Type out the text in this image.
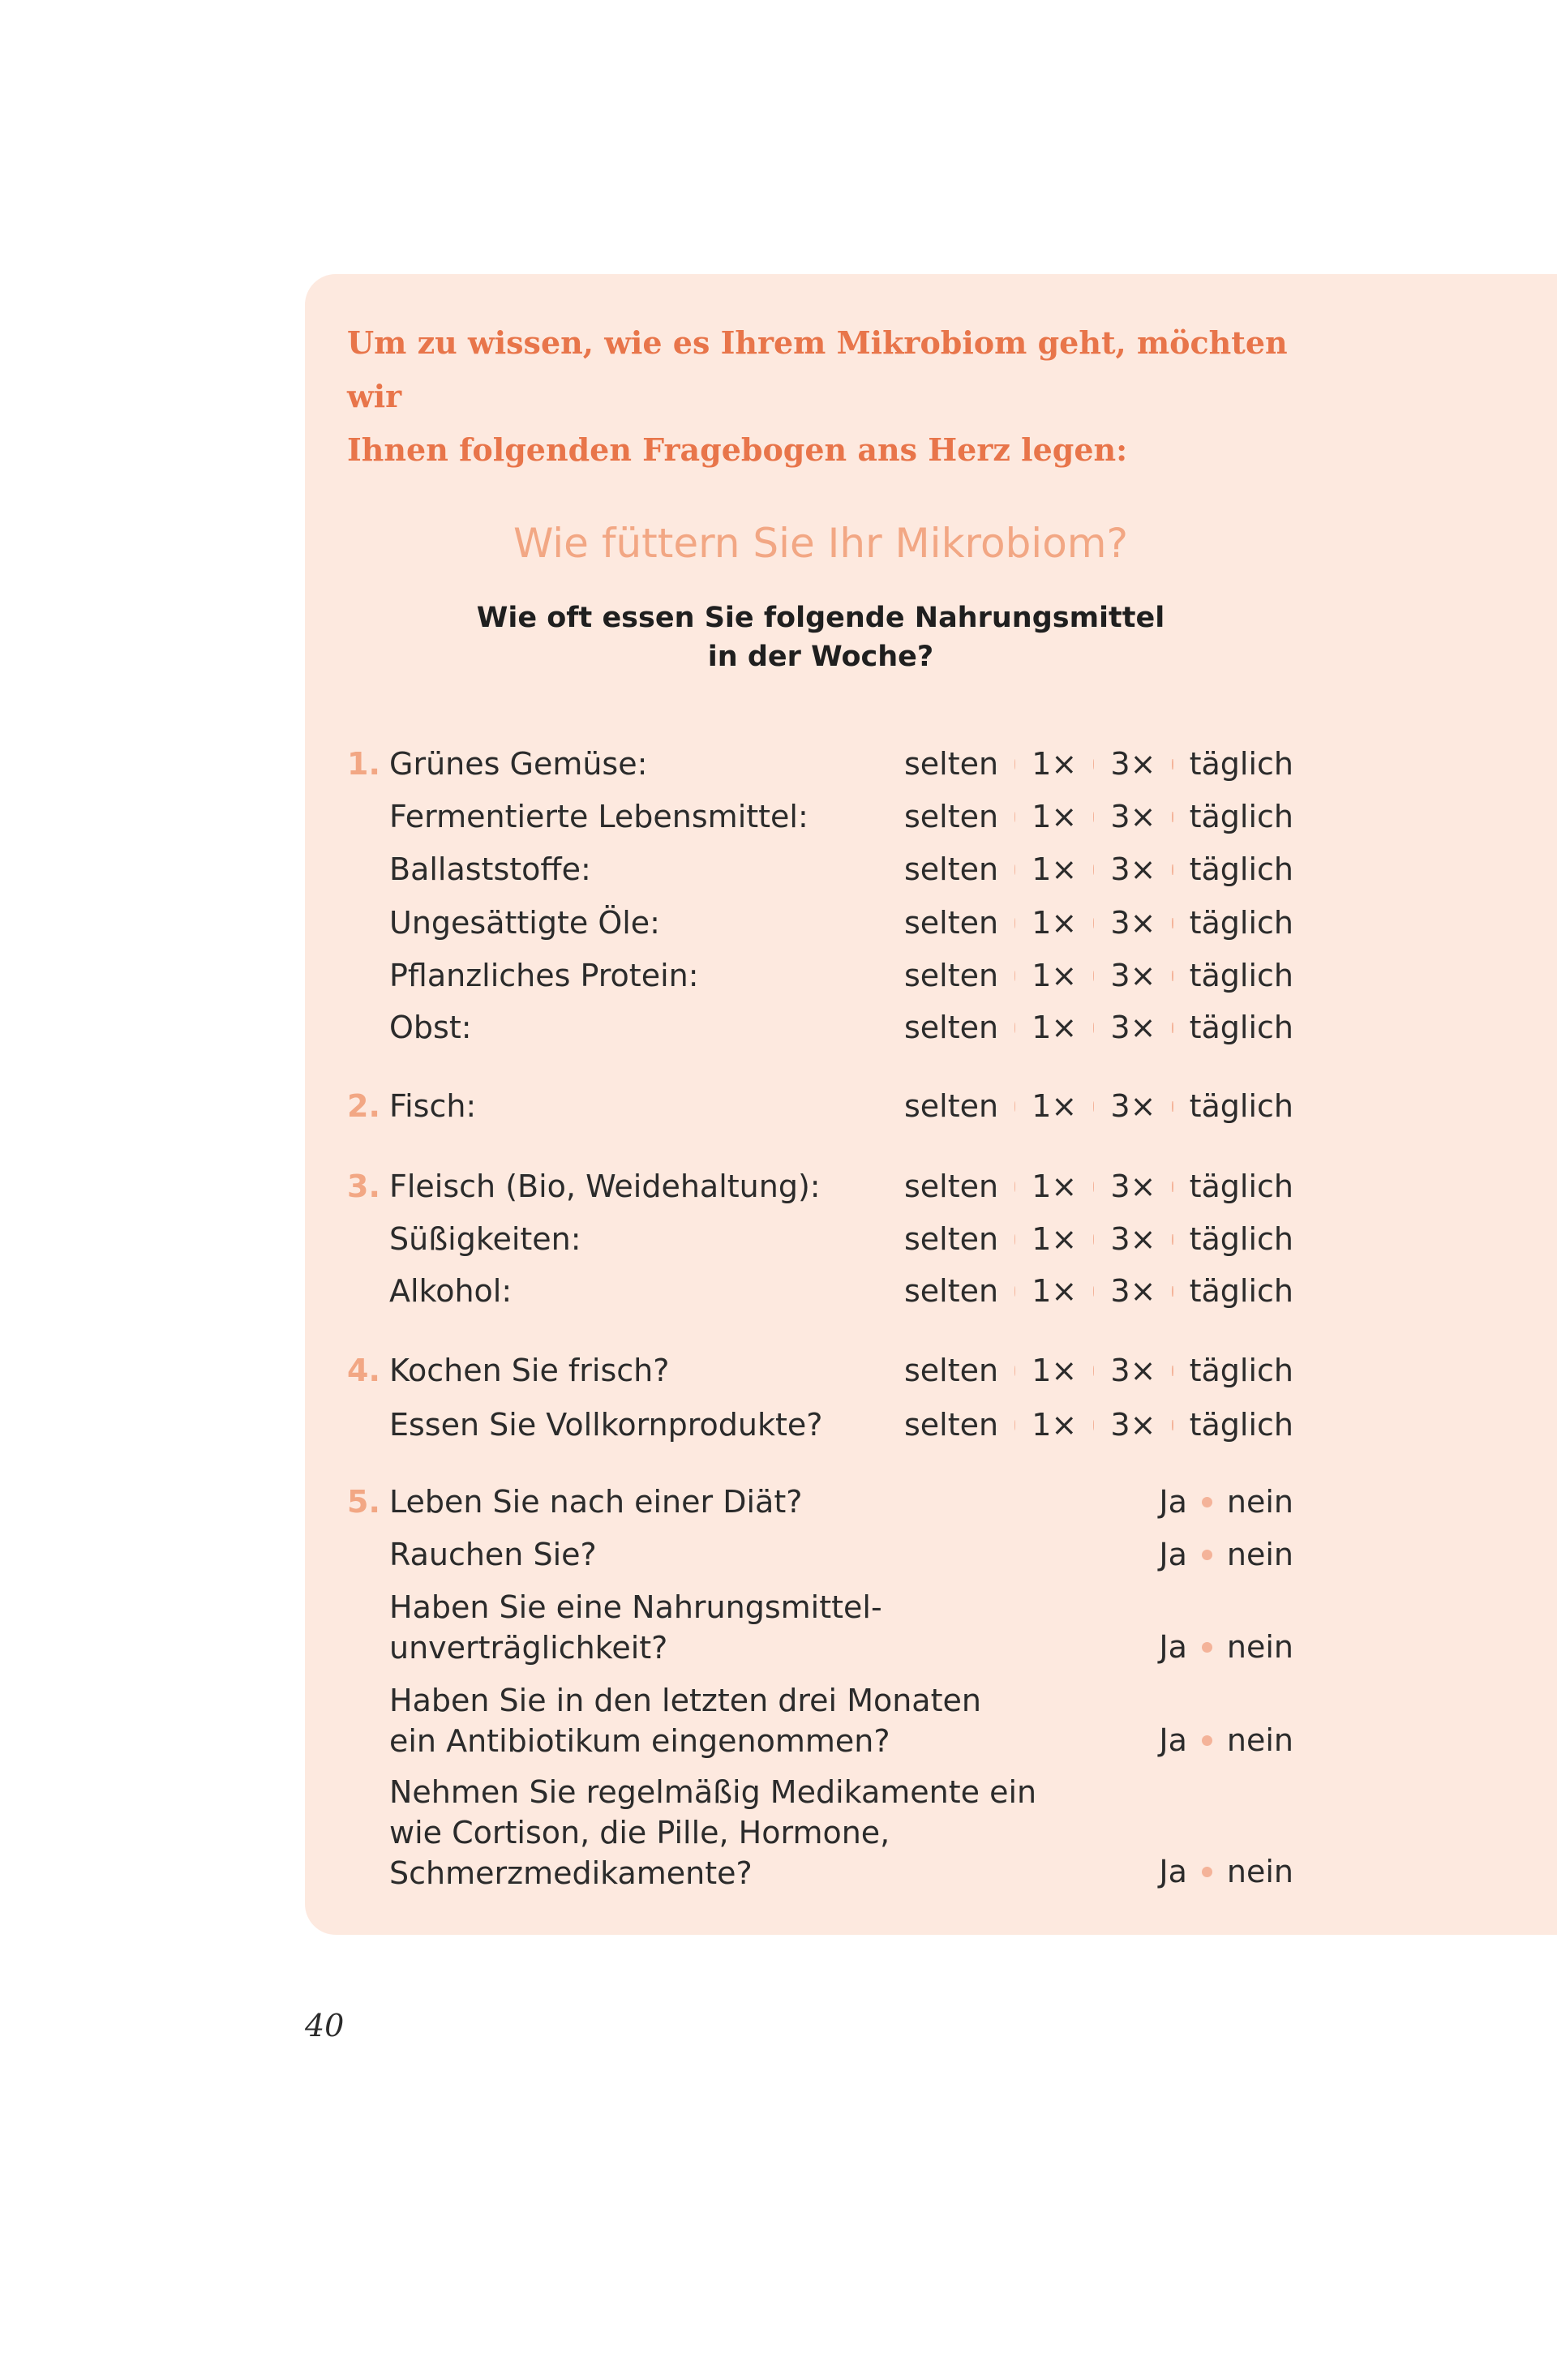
Um zu wissen, wie es Ihrem Mikrobiom geht, möchten wir
Ihnen folgenden Fragebogen ans Herz legen:
Wie füttern Sie Ihr Mikrobiom?
Wie oft essen Sie folgende Nahrungsmittel
in der Woche?
1. Grünes Gemüse:	selten 1× 3× täglich
Fermentierte Lebensmittel:	selten 1× 3× täglich
Ballaststoffe:	selten 1× 3× täglich
Ungesättigte Öle:	selten 1× 3× täglich
Pflanzliches Protein:	selten 1× 3× täglich
Obst:	selten 1× 3× täglich
2. Fisch:	selten 1× 3× täglich
3. Fleisch (Bio, Weidehaltung):	selten 1× 3× täglich
Süßigkeiten:	selten 1× 3× täglich
Alkohol:	selten 1× 3× täglich
4. Kochen Sie frisch?	selten 1× 3× täglich
Essen Sie Vollkornprodukte?	selten 1× 3× täglich
5. Leben Sie nach einer Diät?	Ja nein
Rauchen Sie?	Ja nein
Haben Sie eine Nahrungsmittel-
unverträglichkeit?	Ja nein
Haben Sie in den letzten drei Monaten
ein Antibiotikum eingenommen?	Ja nein
Nehmen Sie regelmäßig Medikamente ein
wie Cortison, die Pille, Hormone,
Schmerzmedikamente?	Ja nein
40
